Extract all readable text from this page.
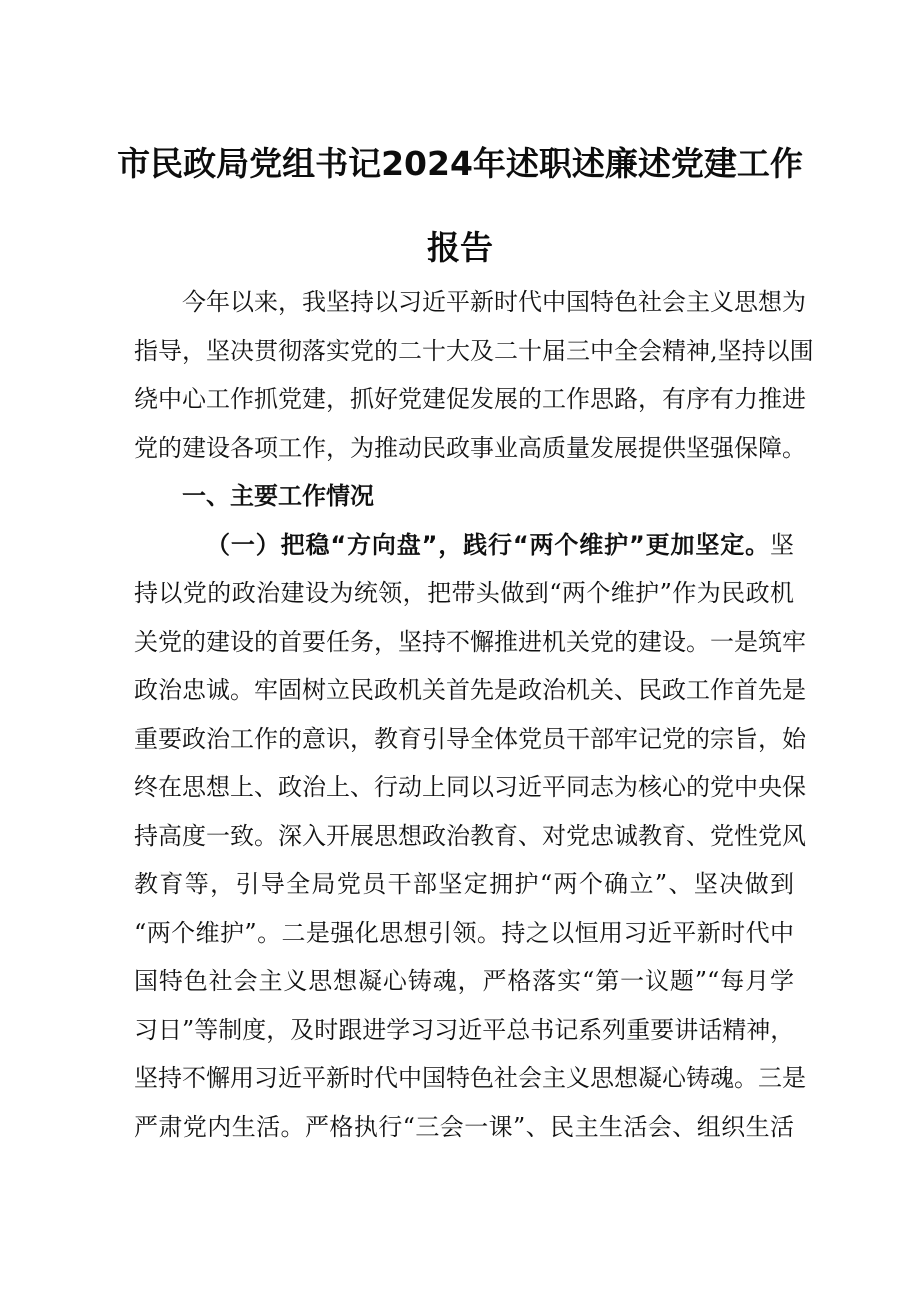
市民政局党组书记2024年述职述廉述党建工作
报告
今年以来，我坚持以习近平新时代中国特色社会主义思想为
指导，坚决贯彻落实党的二十大及二十届三中全会精神,坚持以围
绕中心工作抓党建，抓好党建促发展的工作思路，有序有力推进
党的建设各项工作，为推动民政事业高质量发展提供坚强保障。
一、主要工作情况
（一）把稳“方向盘”，践行“两个维护”更加坚定。坚
持以党的政治建设为统领，把带头做到“两个维护”作为民政机
关党的建设的首要任务，坚持不懈推进机关党的建设。一是筑牢
政治忠诚。牢固树立民政机关首先是政治机关、民政工作首先是
重要政治工作的意识，教育引导全体党员干部牢记党的宗旨，始
终在思想上、政治上、行动上同以习近平同志为核心的党中央保
持高度一致。深入开展思想政治教育、对党忠诚教育、党性党风
教育等，引导全局党员干部坚定拥护“两个确立”、坚决做到
“两个维护”。二是强化思想引领。持之以恒用习近平新时代中
国特色社会主义思想凝心铸魂，严格落实“第一议题”“每月学
习日”等制度，及时跟进学习习近平总书记系列重要讲话精神，
坚持不懈用习近平新时代中国特色社会主义思想凝心铸魂。三是
严肃党内生活。严格执行“三会一课”、民主生活会、组织生活
